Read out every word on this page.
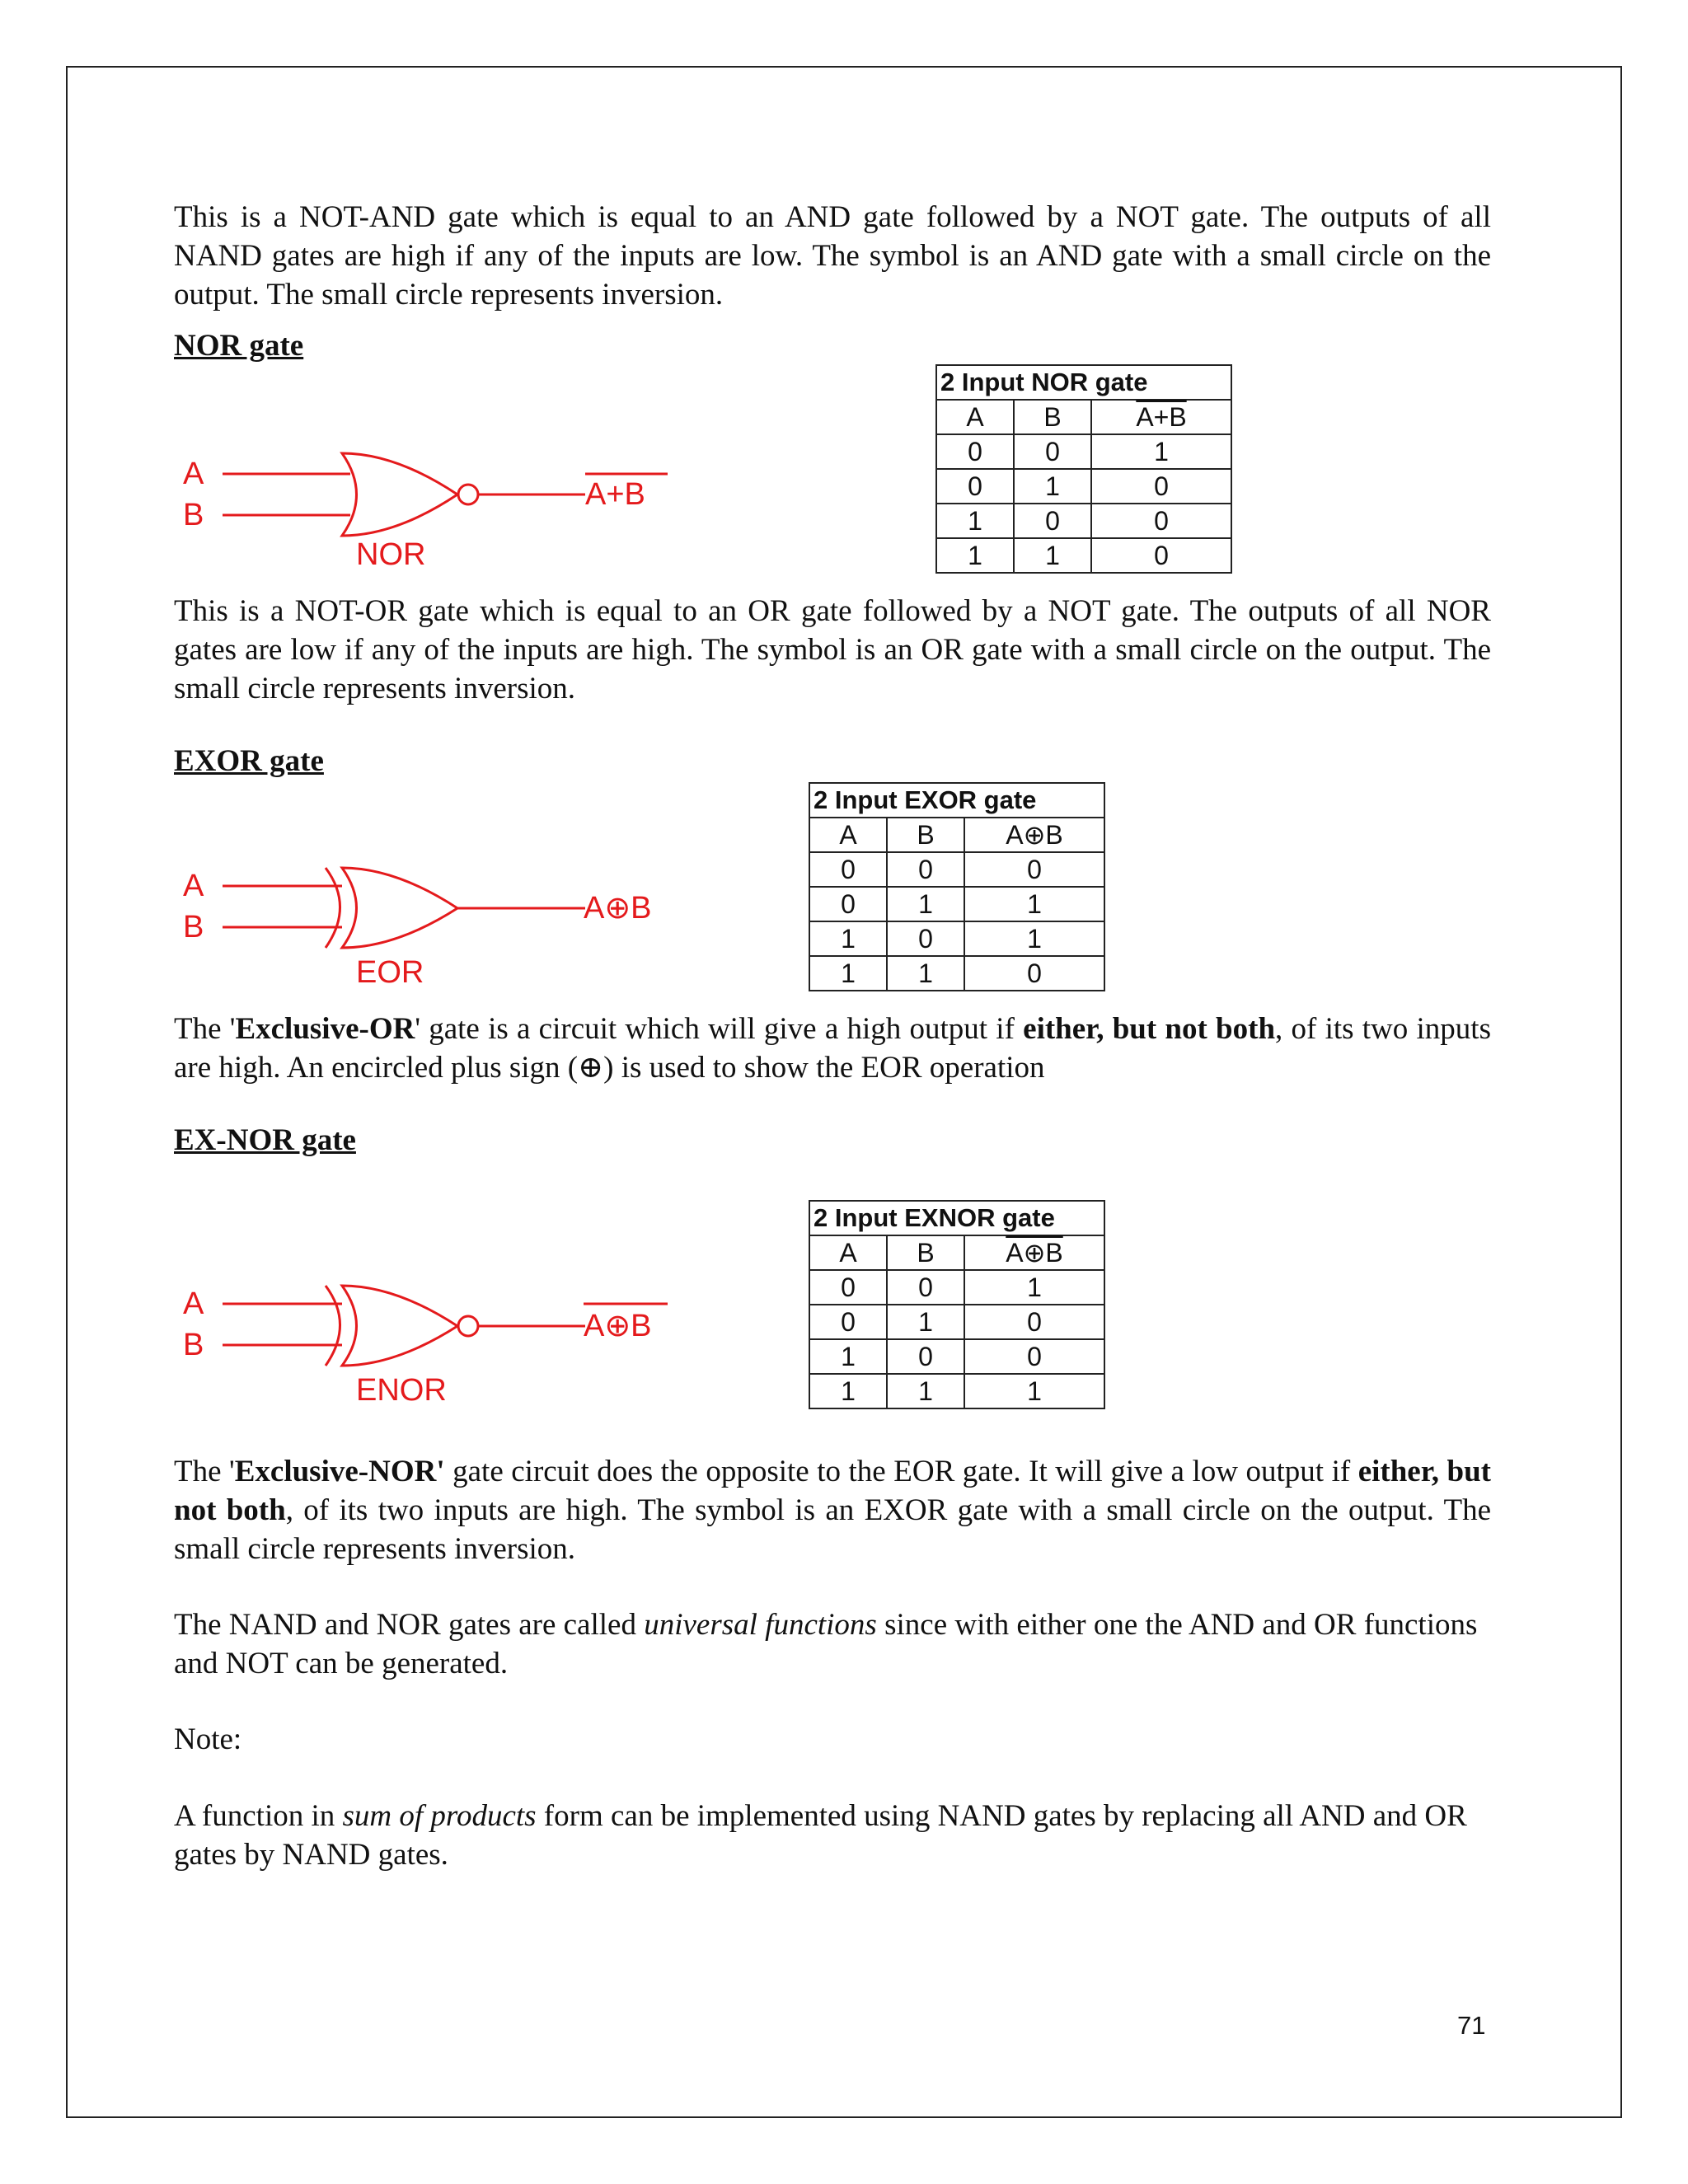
This is a NOT-AND gate which is equal to an AND gate followed by a NOT gate. The outputs of all NAND gates are high if any of the inputs are low. The symbol is an AND gate with a small circle on the output. The small circle represents inversion.

NOR gate

A
B
NOR
A+B
2 Input NOR gate		
A	B	A+B
0	0	1
0	1	0
1	0	0
1	1	0

This is a NOT-OR gate which is equal to an OR gate followed by a NOT gate. The outputs of all NOR gates are low if any of the inputs are high. The symbol is an OR gate with a small circle on the output. The small circle represents inversion.

EXOR gate

A
B
EOR
A⊕B
2 Input EXOR gate		
A	B	A⊕B
0	0	0
0	1	1
1	0	1
1	1	0

The 'Exclusive-OR' gate is a circuit which will give a high output if either, but not both, of its two inputs are high. An encircled plus sign (⊕) is used to show the EOR operation

EX-NOR gate

A
B
ENOR
A⊕B
2 Input EXNOR gate		
A	B	A⊕B
0	0	1
0	1	0
1	0	0
1	1	1

The 'Exclusive-NOR' gate circuit does the opposite to the EOR gate. It will give a low output if either, but not both, of its two inputs are high. The symbol is an EXOR gate with a small circle on the output. The small circle represents inversion.

The NAND and NOR gates are called universal functions since with either one the AND and OR functions and NOT can be generated.

Note:

A function in sum of products form can be implemented using NAND gates by replacing all AND and OR gates by NAND gates.

71
